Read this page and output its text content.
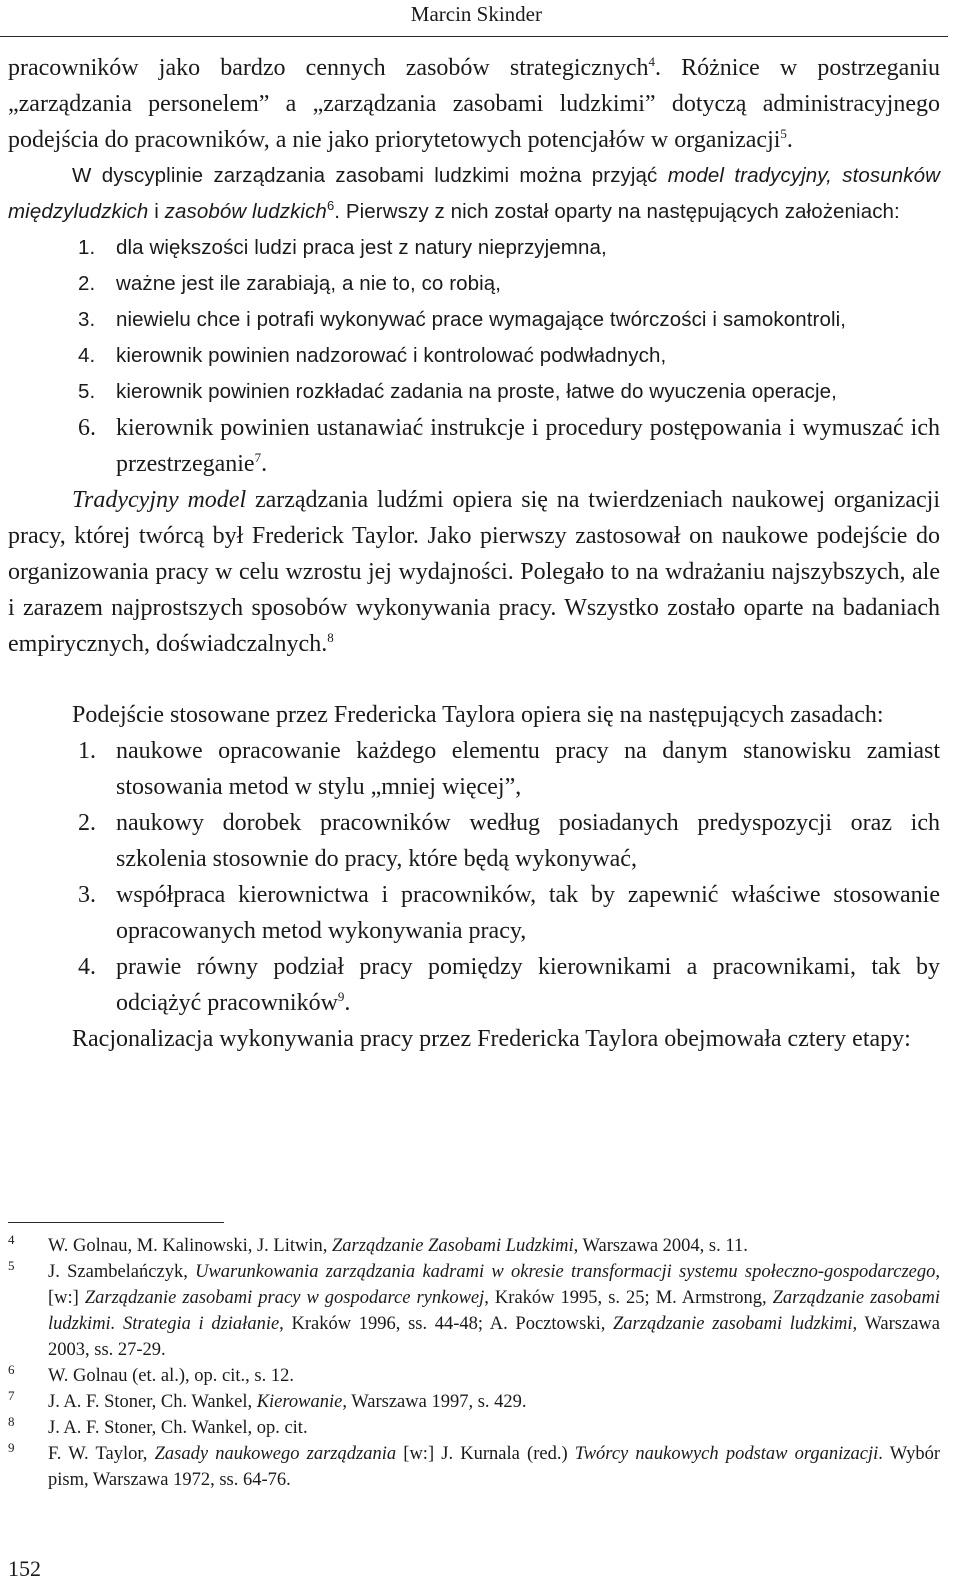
Marcin Skinder

pracowników jako bardzo cennych zasobów strategicznych$^4$. Różnice w postrzeganiu „zarządzania personelem” a „zarządzania zasobami ludzkimi” dotyczą administracyjnego podejścia do pracowników, a nie jako priorytetowych potencjałów w organizacji$^5$.

W dyscyplinie zarządzania zasobami ludzkimi można przyjąć model tradycyjny, stosunków międzyludzkich i zasobów ludzkich$^6$. Pierwszy z nich został oparty na następujących założeniach:

1. dla większości ludzi praca jest z natury nieprzyjemna,
2. ważne jest ile zarabiają, a nie to, co robią,
3. niewielu chce i potrafi wykonywać prace wymagające twórczości i samokontroli,
4. kierownik powinien nadzorować i kontrolować podwładnych,
5. kierownik powinien rozkładać zadania na proste, łatwe do wyuczenia operacje,
6. kierownik powinien ustanawiać instrukcje i procedury postępowania i wymuszać ich przestrzeganie$^7$.

Tradycyjny model zarządzania ludźmi opiera się na twierdzeniach naukowej organizacji pracy, której twórcą był Frederick Taylor. Jako pierwszy zastosował on naukowe podejście do organizowania pracy w celu wzrostu jej wydajności. Polegało to na wdrażaniu najszybszych, ale i zarazem najprostszych sposobów wykonywania pracy. Wszystko zostało oparte na badaniach empirycznych, doświadczalnych.$^8$

Podejście stosowane przez Fredericka Taylora opiera się na następujących zasadach:

1. naukowe opracowanie każdego elementu pracy na danym stanowisku zamiast stosowania metod w stylu „mniej więcej”,
2. naukowy dorobek pracowników według posiadanych predyspozycji oraz ich szkolenia stosownie do pracy, które będą wykonywać,
3. współpraca kierownictwa i pracowników, tak by zapewnić właściwe stosowanie opracowanych metod wykonywania pracy,
4. prawie równy podział pracy pomiędzy kierownikami a pracownikami, tak by odciążyć pracowników$^9$.

Racjonalizacja wykonywania pracy przez Fredericka Taylora obejmowała cztery etapy:

4 W. Golnau, M. Kalinowski, J. Litwin, Zarządzanie Zasobami Ludzkimi, Warszawa 2004, s. 11.

5 J. Szambelańczyk, Uwarunkowania zarządzania kadrami w okresie transformacji systemu społeczno-gospodarczego, [w:] Zarządzanie zasobami pracy w gospodarce rynkowej, Kraków 1995, s. 25; M. Armstrong, Zarządzanie zasobami ludzkimi. Strategia i działanie, Kraków 1996, ss. 44-48; A. Pocztowski, Zarządzanie zasobami ludzkimi, Warszawa 2003, ss. 27-29.

6 W. Golnau (et. al.), op. cit., s. 12.

7 J. A. F. Stoner, Ch. Wankel, Kierowanie, Warszawa 1997, s. 429.

8 J. A. F. Stoner, Ch. Wankel, op. cit.

9 F. W. Taylor, Zasady naukowego zarządzania [w:] J. Kurnala (red.) Twórcy naukowych podstaw organizacji. Wybór pism, Warszawa 1972, ss. 64-76.

152
